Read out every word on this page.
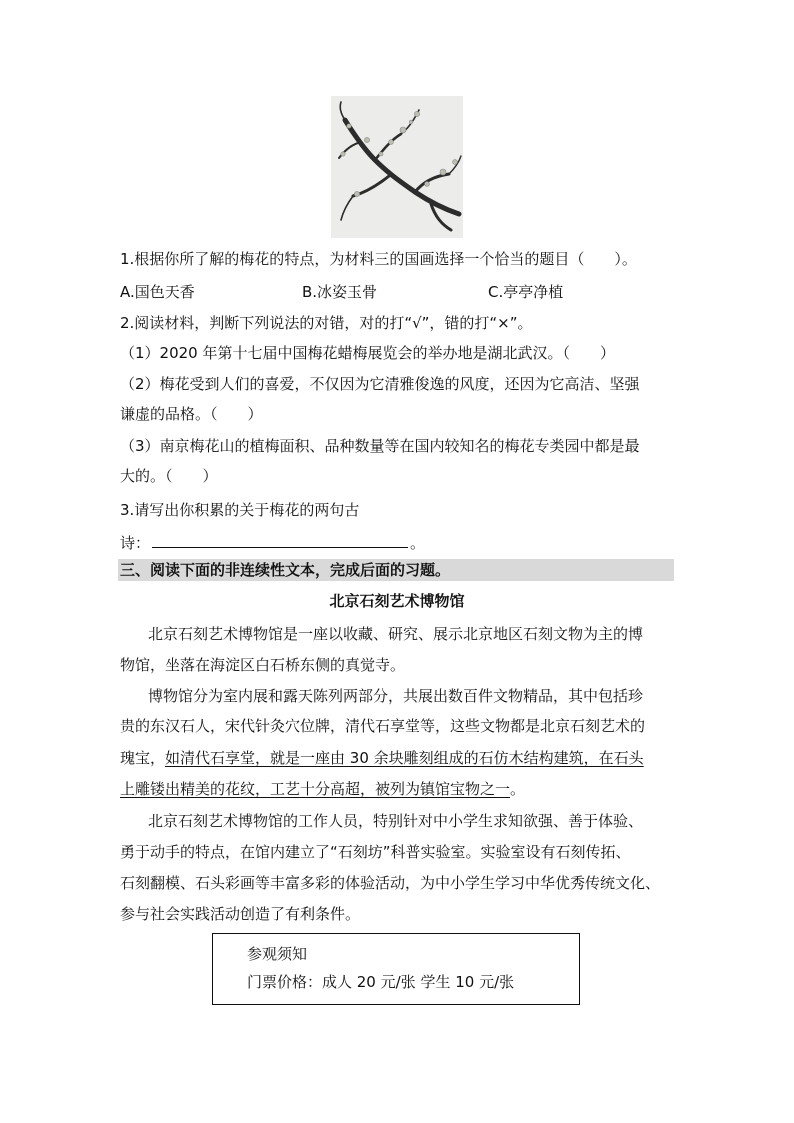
1.根据你所了解的梅花的特点，为材料三的国画选择一个恰当的题目（　　）。
A.国色天香	B.冰姿玉骨	C.亭亭净植
2.阅读材料，判断下列说法的对错，对的打“√”，错的打“×”。
（1）2020 年第十七届中国梅花蜡梅展览会的举办地是湖北武汉。（　　）
（2）梅花受到人们的喜爱，不仅因为它清雅俊逸的风度，还因为它高洁、坚强
谦虚的品格。（　　）
（3）南京梅花山的植梅面积、品种数量等在国内较知名的梅花专类园中都是最
大的。（　　）
3.请写出你积累的关于梅花的两句古
诗：	。
三、阅读下面的非连续性文本，完成后面的习题。
北京石刻艺术博物馆
北京石刻艺术博物馆是一座以收藏、研究、展示北京地区石刻文物为主的博
物馆，坐落在海淀区白石桥东侧的真觉寺。
博物馆分为室内展和露天陈列两部分，共展出数百件文物精品，其中包括珍
贵的东汉石人，宋代针灸穴位牌，清代石享堂等，这些文物都是北京石刻艺术的
瑰宝，如清代石享堂，就是一座由 30 余块雕刻组成的石仿木结构建筑，在石头
上雕镂出精美的花纹，工艺十分高超，被列为镇馆宝物之一。
北京石刻艺术博物馆的工作人员，特别针对中小学生求知欲强、善于体验、
勇于动手的特点，在馆内建立了“石刻坊”科普实验室。实验室设有石刻传拓、
石刻翻模、石头彩画等丰富多彩的体验活动，为中小学生学习中华优秀传统文化、
参与社会实践活动创造了有利条件。
参观须知
门票价格：成人 20 元/张 学生 10 元/张
